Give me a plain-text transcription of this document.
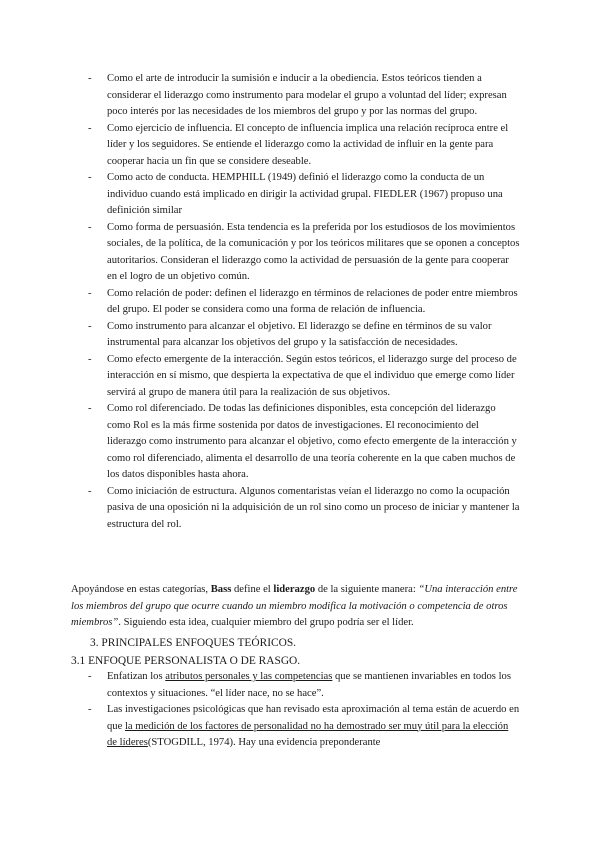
- Como el arte de introducir la sumisión e inducir a la obediencia. Estos teóricos tienden a considerar el liderazgo como instrumento para modelar el grupo a voluntad del líder; expresan poco interés por las necesidades de los miembros del grupo y por las normas del grupo.
- Como ejercicio de influencia. El concepto de influencia implica una relación recíproca entre el líder y los seguidores. Se entiende el liderazgo como la actividad de influir en la gente para cooperar hacia un fin que se considere deseable.
- Como acto de conducta. HEMPHILL (1949) definió el liderazgo como la conducta de un individuo cuando está implicado en dirigir la actividad grupal. FIEDLER (1967) propuso una definición similar
- Como forma de persuasión. Esta tendencia es la preferida por los estudiosos de los movimientos sociales, de la política, de la comunicación y por los teóricos militares que se oponen a conceptos autoritarios. Consideran el liderazgo como la actividad de persuasión de la gente para cooperar en el logro de un objetivo común.
- Como relación de poder: definen el liderazgo en términos de relaciones de poder entre miembros del grupo. El poder se considera como una forma de relación de influencia.
- Como instrumento para alcanzar el objetivo. El liderazgo se define en términos de su valor instrumental para alcanzar los objetivos del grupo y la satisfacción de necesidades.
- Como efecto emergente de la interacción. Según estos teóricos, el liderazgo surge del proceso de interacción en sí mismo, que despierta la expectativa de que el individuo que emerge como líder servirá al grupo de manera útil para la realización de sus objetivos.
- Como rol diferenciado. De todas las definiciones disponibles, esta concepción del liderazgo como Rol es la más firme sostenida por datos de investigaciones. El reconocimiento del liderazgo como instrumento para alcanzar el objetivo, como efecto emergente de la interacción y como rol diferenciado, alimenta el desarrollo de una teoría coherente en la que caben muchos de los datos disponibles hasta ahora.
- Como iniciación de estructura. Algunos comentaristas veían el liderazgo no como la ocupación pasiva de una oposición ni la adquisición de un rol sino como un proceso de iniciar y mantener la estructura del rol.

Apoyándose en estas categorías, Bass define el liderazgo de la siguiente manera: “Una interacción entre los miembros del grupo que ocurre cuando un miembro modifica la motivación o competencia de otros miembros”. Siguiendo esta idea, cualquier miembro del grupo podría ser el líder.

3. PRINCIPALES ENFOQUES TEÓRICOS.

3.1 ENFOQUE PERSONALISTA O DE RASGO.

- Enfatizan los atributos personales y las competencias que se mantienen invariables en todos los contextos y situaciones. “el líder nace, no se hace”.
- Las investigaciones psicológicas que han revisado esta aproximación al tema están de acuerdo en que la medición de los factores de personalidad no ha demostrado ser muy útil para la elección de líderes(STOGDILL, 1974). Hay una evidencia preponderante
